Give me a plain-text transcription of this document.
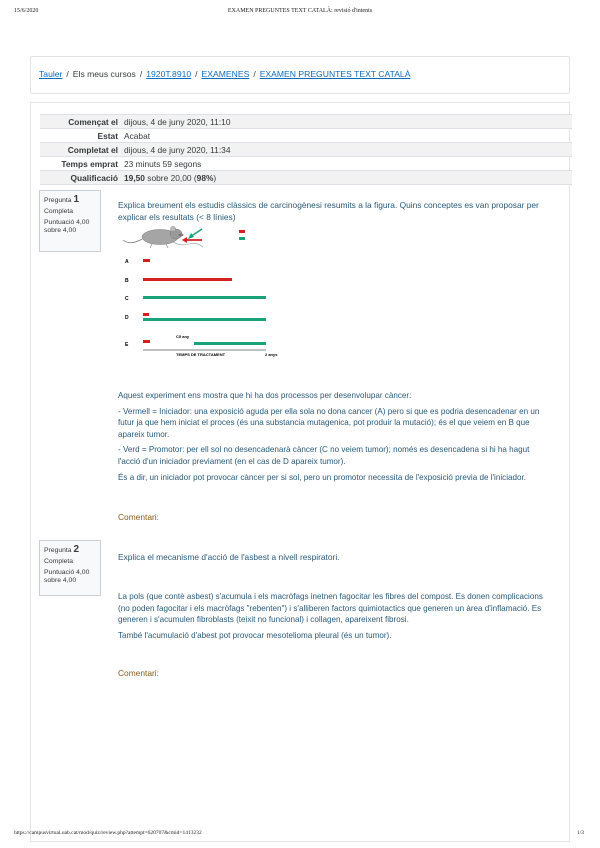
15/6/2020	EXAMEN PREGUNTES TEXT CATALÀ: revisió d'intents
Tauler / Els meus cursos / 1920T.8910 / EXAMENES / EXAMEN PREGUNTES TEXT CATALÀ
Començat el	dijous, 4 de juny 2020, 11:10
Estat	Acabat
Completat el	dijous, 4 de juny 2020, 11:34
Temps emprat	23 minuts 59 segons
Qualificació	19,50 sobre 20,00 (98%)
Pregunta 1
Completa
Puntuació 4,00
sobre 4,00
Explica breument els estudis clàssics de carcinogènesi resumits a la figura. Quins conceptes es van proposar per explicar els resultats (< 8 línies)
A
B
C
D
E
C5 any
TEMPS DE TRACTAMENT	2 anys

Aquest experiment ens mostra que hi ha dos processos per desenvolupar càncer:

- Vermell = Iniciador: una exposició aguda per ella sola no dona cancer (A) pero si que es podria desencadenar en un futur ja que hem iniciat el proces (és una substancia mutagenica, pot produir la mutació); és el que veiem en B que apareix tumor.

- Verd = Promotor: per ell sol no desencadenarà càncer (C no veiem tumor); només es desencadena si hi ha hagut l'acció d'un iniciador previament (en el cas de D apareix tumor).

És a dir, un iniciador pot provocar càncer per si sol, pero un promotor necessita de l'exposició previa de l'iniciador.

Comentari:
Pregunta 2
Completa
Puntuació 4,00
sobre 4,00
Explica el mecanisme d'acció de l'asbest a nivell respiratori.

La pols (que contè asbest) s'acumula i els macròfags inetnen fagocitar les fibres del compost. Es donen complicacions (no poden fagocitar i els macròfags "rebenten") i s'alliberen factors quimiotactics que generen un àrea d'inflamació. Es generen i s'acumulen fibroblasts (teixit no funcional) i collagen, apareixent fibrosi.

També l'acumulació d'abest pot provocar mesotelioma pleural (és un tumor).

Comentari:
https://campusvirtual.uab.cat/mod/quiz/review.php?attempt=620707&cmid=1413232	1/3
